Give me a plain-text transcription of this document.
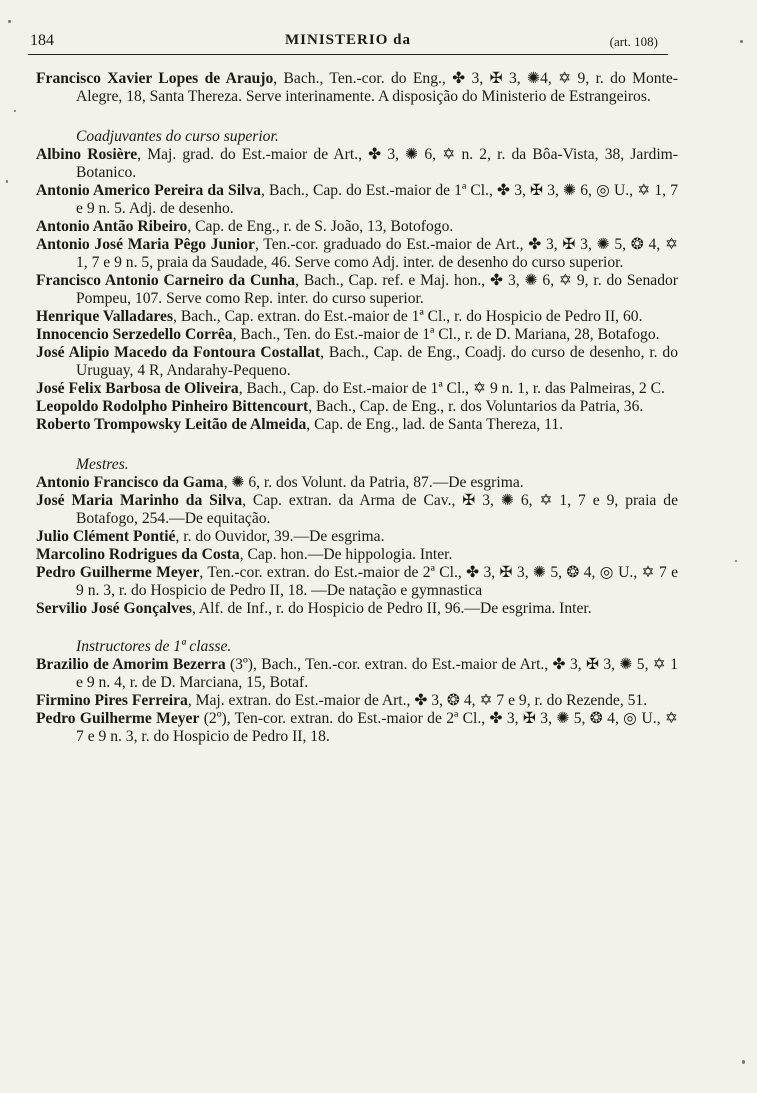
184	MINISTERIO da	(art. 108)

Francisco Xavier Lopes de Araujo, Bach., Ten.-cor. do Eng., ✤ 3, ✠ 3, ✺4, ✡ 9, r. do Monte-Alegre, 18, Santa Thereza. Serve interinamente. A disposição do Ministerio de Estrangeiros.

Coadjuvantes do curso superior.

Albino Rosière, Maj. grad. do Est.-maior de Art., ✤ 3, ✺ 6, ✡ n. 2, r. da Bôa-Vista, 38, Jardim-Botanico.

Antonio Americo Pereira da Silva, Bach., Cap. do Est.-maior de 1ª Cl., ✤ 3, ✠ 3, ✺ 6, ◎ U., ✡ 1, 7 e 9 n. 5. Adj. de desenho.

Antonio Antão Ribeiro, Cap. de Eng., r. de S. João, 13, Botofogo.

Antonio José Maria Pêgo Junior, Ten.-cor. graduado do Est.-maior de Art., ✤ 3, ✠ 3, ✺ 5, ❂ 4, ✡ 1, 7 e 9 n. 5, praia da Saudade, 46. Serve como Adj. inter. de desenho do curso superior.

Francisco Antonio Carneiro da Cunha, Bach., Cap. ref. e Maj. hon., ✤ 3, ✺ 6, ✡ 9, r. do Senador Pompeu, 107. Serve como Rep. inter. do curso superior.

Henrique Valladares, Bach., Cap. extran. do Est.-maior de 1ª Cl., r. do Hospicio de Pedro II, 60.

Innocencio Serzedello Corrêa, Bach., Ten. do Est.-maior de 1ª Cl., r. de D. Mariana, 28, Botafogo.

José Alipio Macedo da Fontoura Costallat, Bach., Cap. de Eng., Coadj. do curso de desenho, r. do Uruguay, 4 R, Andarahy-Pequeno.

José Felix Barbosa de Oliveira, Bach., Cap. do Est.-maior de 1ª Cl., ✡ 9 n. 1, r. das Palmeiras, 2 C.

Leopoldo Rodolpho Pinheiro Bittencourt, Bach., Cap. de Eng., r. dos Voluntarios da Patria, 36.

Roberto Trompowsky Leitão de Almeida, Cap. de Eng., lad. de Santa Thereza, 11.

Mestres.

Antonio Francisco da Gama, ✺ 6, r. dos Volunt. da Patria, 87.—De esgrima.

José Maria Marinho da Silva, Cap. extran. da Arma de Cav., ✠ 3, ✺ 6, ✡ 1, 7 e 9, praia de Botafogo, 254.—De equitação.

Julio Clément Pontié, r. do Ouvidor, 39.—De esgrima.

Marcolino Rodrigues da Costa, Cap. hon.—De hippologia. Inter.

Pedro Guilherme Meyer, Ten.-cor. extran. do Est.-maior de 2ª Cl., ✤ 3, ✠ 3, ✺ 5, ❂ 4, ◎ U., ✡ 7 e 9 n. 3, r. do Hospicio de Pedro II, 18. —De natação e gymnastica

Servilio José Gonçalves, Alf. de Inf., r. do Hospicio de Pedro II, 96.—De esgrima. Inter.

Instructores de 1ª classe.

Brazilio de Amorim Bezerra (3º), Bach., Ten.-cor. extran. do Est.-maior de Art., ✤ 3, ✠ 3, ✺ 5, ✡ 1 e 9 n. 4, r. de D. Marciana, 15, Botaf.

Firmino Pires Ferreira, Maj. extran. do Est.-maior de Art., ✤ 3, ❂ 4, ✡ 7 e 9, r. do Rezende, 51.

Pedro Guilherme Meyer (2º), Ten-cor. extran. do Est.-maior de 2ª Cl., ✤ 3, ✠ 3, ✺ 5, ❂ 4, ◎ U., ✡ 7 e 9 n. 3, r. do Hospicio de Pedro II, 18.
